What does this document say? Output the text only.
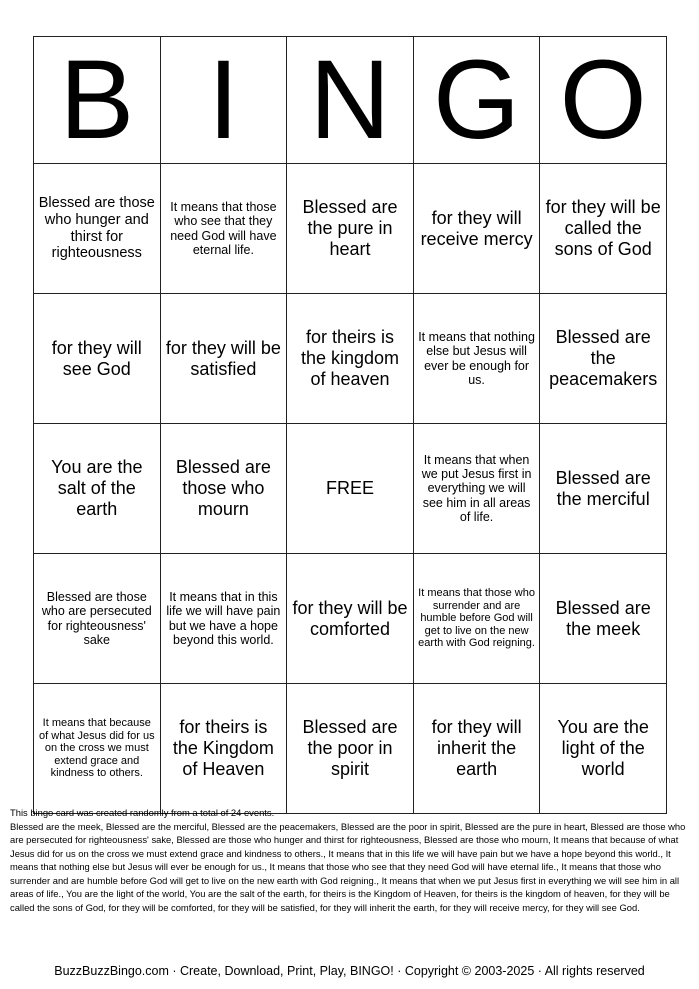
B	I	N	G	O
Blessed are those who hunger and thirst for righteousness	It means that those who see that they need God will have eternal life.	Blessed are the pure in heart	for they will receive mercy	for they will be called the sons of God
for they will see God	for they will be satisfied	for theirs is the kingdom of heaven	It means that nothing else but Jesus will ever be enough for us.	Blessed are the peacemakers
You are the salt of the earth	Blessed are those who mourn	FREE	It means that when we put Jesus first in everything we will see him in all areas of life.	Blessed are the merciful
Blessed are those who are persecuted for righteousness' sake	It means that in this life we will have pain but we have a hope beyond this world.	for they will be comforted	It means that those who surrender and are humble before God will get to live on the new earth with God reigning.	Blessed are the meek
It means that because of what Jesus did for us on the cross we must extend grace and kindness to others.	for theirs is the Kingdom of Heaven	Blessed are the poor in spirit	for they will inherit the earth	You are the light of the world

This bingo card was created randomly from a total of 24 events.

Blessed are the meek, Blessed are the merciful, Blessed are the peacemakers, Blessed are the poor in spirit, Blessed are the pure in heart, Blessed are those who are persecuted for righteousness' sake, Blessed are those who hunger and thirst for righteousness, Blessed are those who mourn, It means that because of what Jesus did for us on the cross we must extend grace and kindness to others., It means that in this life we will have pain but we have a hope beyond this world., It means that nothing else but Jesus will ever be enough for us., It means that those who see that they need God will have eternal life., It means that those who surrender and are humble before God will get to live on the new earth with God reigning., It means that when we put Jesus first in everything we will see him in all areas of life., You are the light of the world, You are the salt of the earth, for theirs is the Kingdom of Heaven, for theirs is the kingdom of heaven, for they will be called the sons of God, for they will be comforted, for they will be satisfied, for they will inherit the earth, for they will receive mercy, for they will see God.

BuzzBuzzBingo.com · Create, Download, Print, Play, BINGO! · Copyright © 2003-2025 · All rights reserved
